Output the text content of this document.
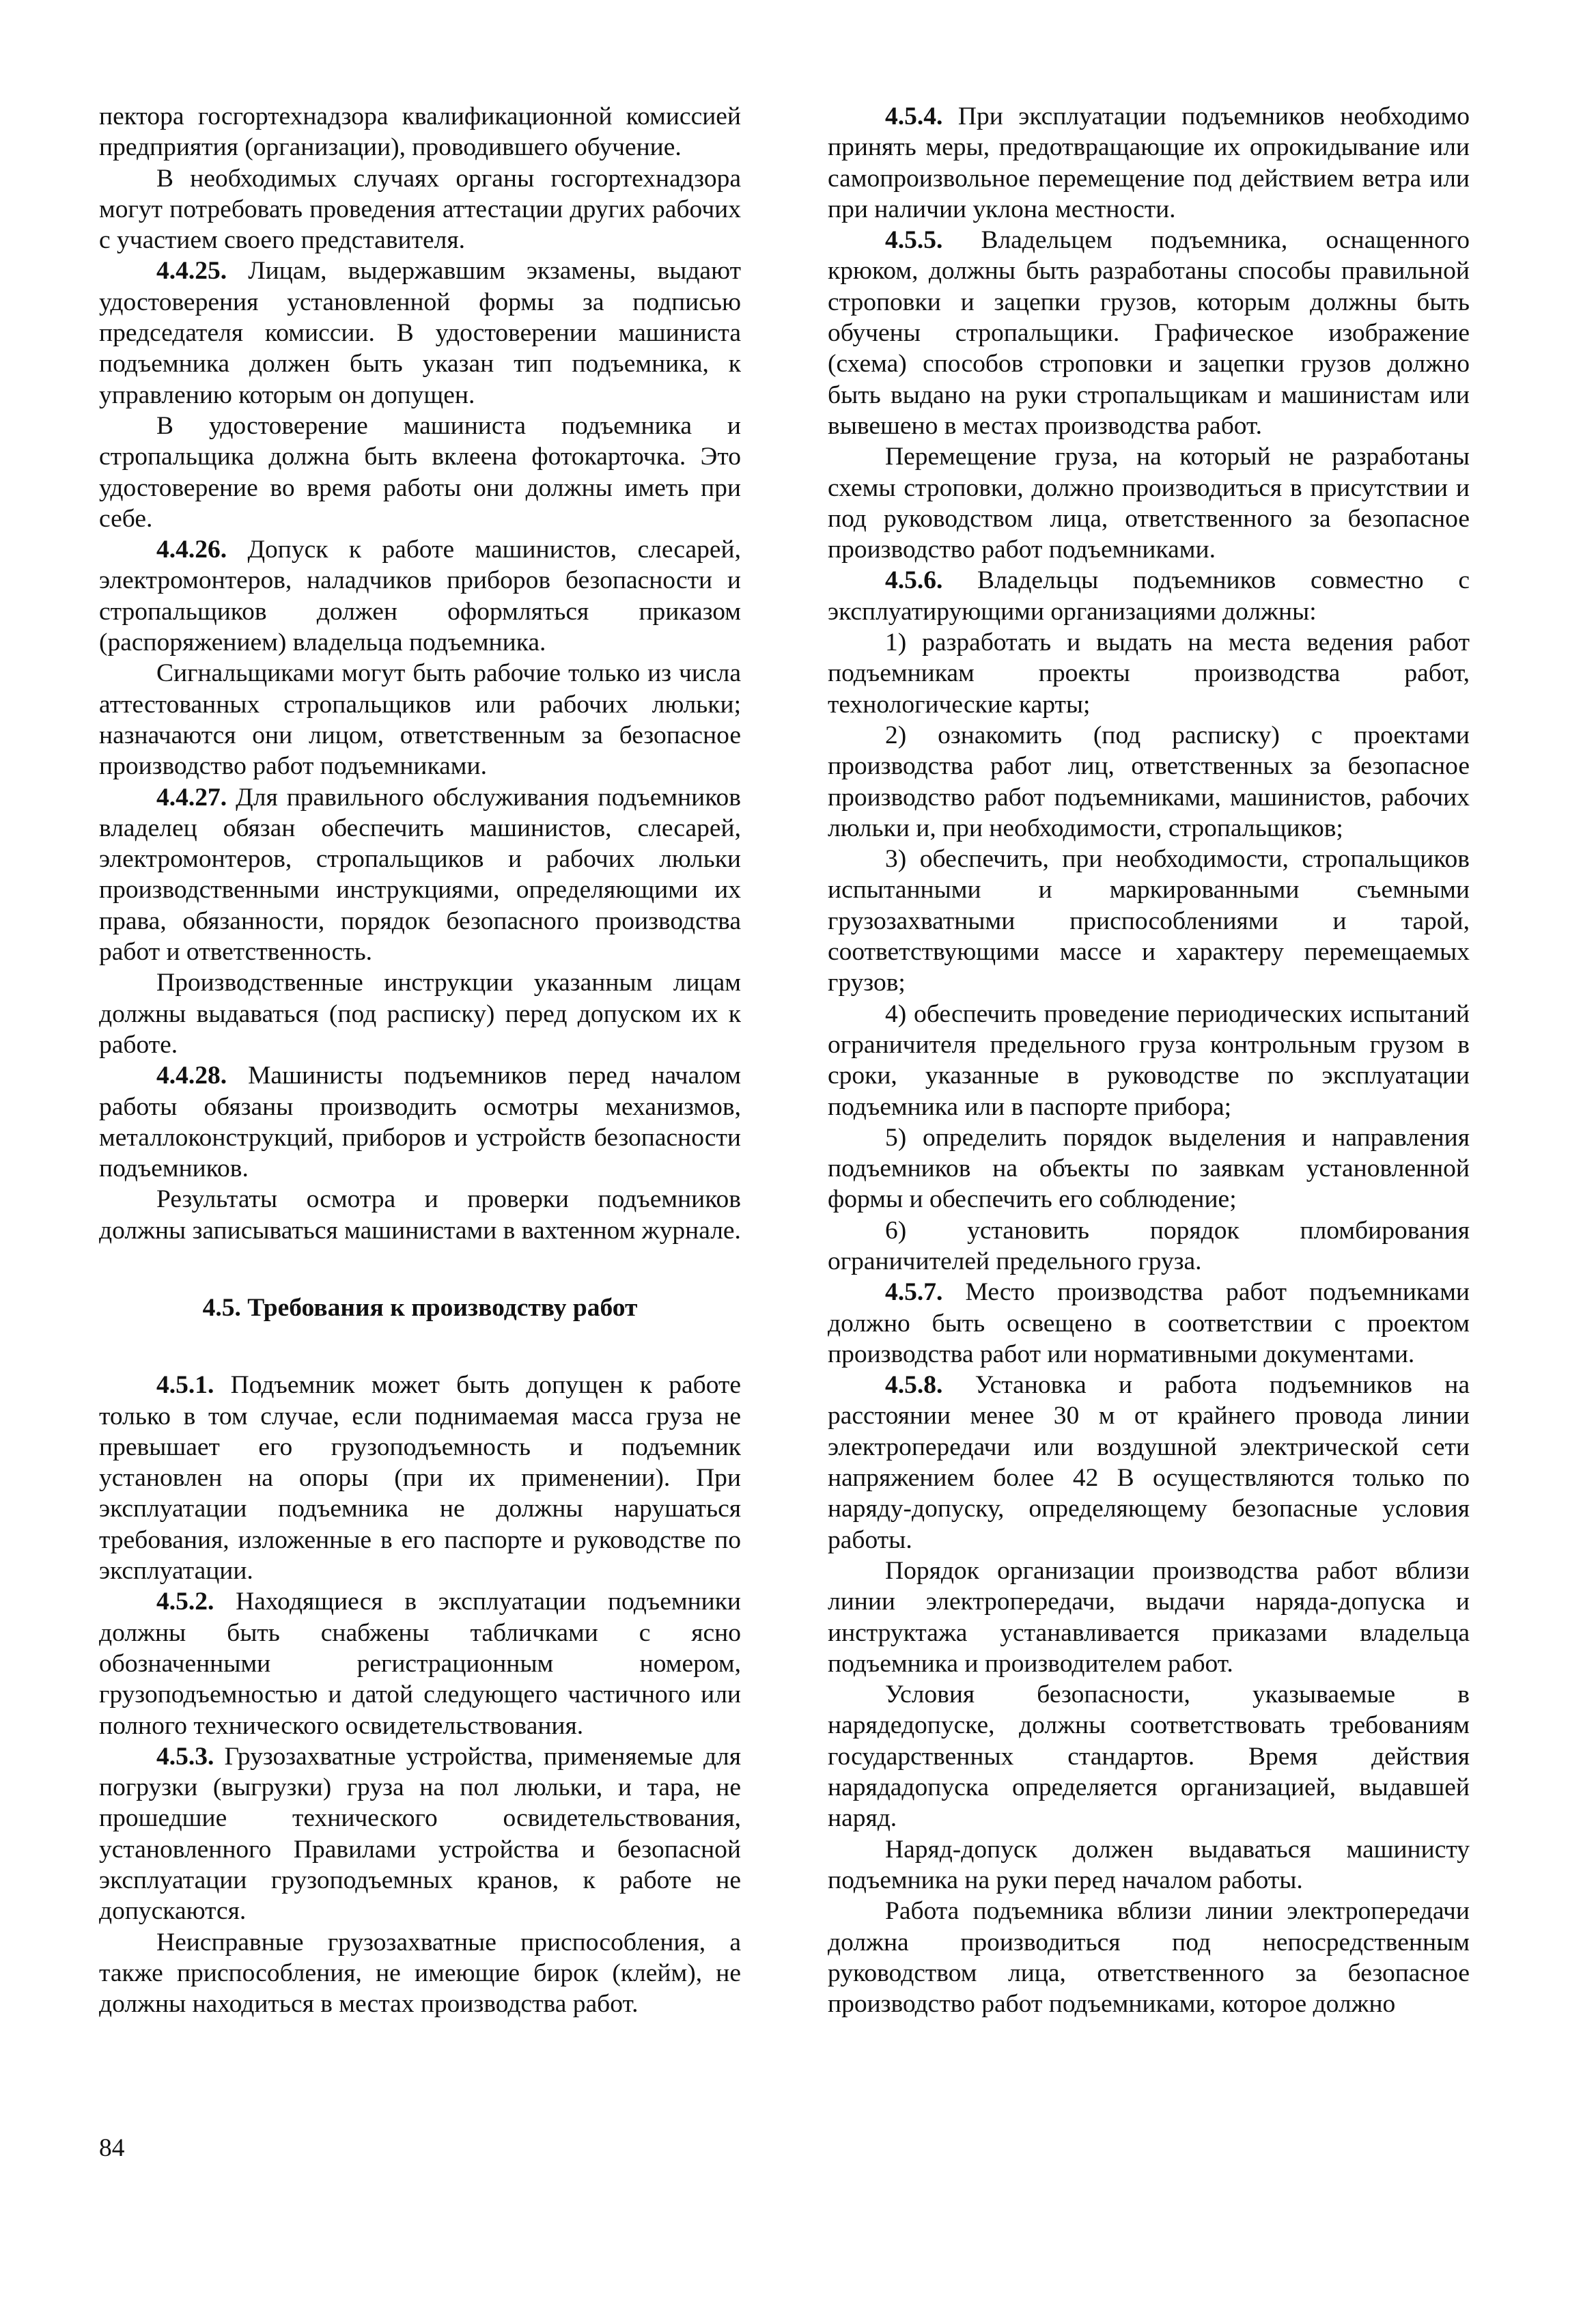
пектора госгортехнадзора квалификационной комиссией предприятия (организации), проводившего обучение.

В необходимых случаях органы госгортехнадзора могут потребовать проведения аттестации других рабочих с участием своего представителя.

4.4.25. Лицам, выдержавшим экзамены, выдают удостоверения установленной формы за подписью председателя комиссии. В удостоверении машиниста подъемника должен быть указан тип подъемника, к управлению которым он допущен.

В удостоверение машиниста подъемника и стропальщика должна быть вклеена фотокарточка. Это удостоверение во время работы они должны иметь при себе.

4.4.26. Допуск к работе машинистов, слесарей, электромонтеров, наладчиков приборов безопасности и стропальщиков должен оформляться приказом (распоряжением) владельца подъемника.

Сигнальщиками могут быть рабочие только из числа аттестованных стропальщиков или рабочих люльки; назначаются они лицом, ответственным за безопасное производство работ подъемниками.

4.4.27. Для правильного обслуживания подъемников владелец обязан обеспечить машинистов, слесарей, электромонтеров, стропальщиков и рабочих люльки производственными инструкциями, определяющими их права, обязанности, порядок безопасного производства работ и ответственность.

Производственные инструкции указанным лицам должны выдаваться (под расписку) перед допуском их к работе.

4.4.28. Машинисты подъемников перед началом работы обязаны производить осмотры механизмов, металлоконструкций, приборов и устройств безопасности подъемников.

Результаты осмотра и проверки подъемников должны записываться машинистами в вахтенном журнале.

4.5. Требования к производству работ

4.5.1. Подъемник может быть допущен к работе только в том случае, если поднимаемая масса груза не превышает его грузоподъемность и подъемник установлен на опоры (при их применении). При эксплуатации подъемника не должны нарушаться требования, изложенные в его паспорте и руководстве по эксплуатации.

4.5.2. Находящиеся в эксплуатации подъемники должны быть снабжены табличками с ясно обозначенными регистрационным номером, грузоподъемностью и датой следующего частичного или полного технического освидетельствования.

4.5.3. Грузозахватные устройства, применяемые для погрузки (выгрузки) груза на пол люльки, и тара, не прошедшие технического освидетельствования, установленного Правилами устройства и безопасной эксплуатации грузоподъемных кранов, к работе не допускаются.

Неисправные грузозахватные приспособления, а также приспособления, не имеющие бирок (клейм), не должны находиться в местах производства работ.

4.5.4. При эксплуатации подъемников необходимо принять меры, предотвращающие их опрокидывание или самопроизвольное перемещение под действием ветра или при наличии уклона местности.

4.5.5. Владельцем подъемника, оснащенного крюком, должны быть разработаны способы правильной строповки и зацепки грузов, которым должны быть обучены стропальщики. Графическое изображение (схема) способов строповки и зацепки грузов должно быть выдано на руки стропальщикам и машинистам или вывешено в местах производства работ.

Перемещение груза, на который не разработаны схемы строповки, должно производиться в присутствии и под руководством лица, ответственного за безопасное производство работ подъемниками.

4.5.6. Владельцы подъемников совместно с эксплуатирующими организациями должны:

1) разработать и выдать на места ведения работ подъемникам проекты производства работ, технологические карты;

2) ознакомить (под расписку) с проектами производства работ лиц, ответственных за безопасное производство работ подъемниками, машинистов, рабочих люльки и, при необходимости, стропальщиков;

3) обеспечить, при необходимости, стропальщиков испытанными и маркированными съемными грузозахватными приспособлениями и тарой, соответствующими массе и характеру перемещаемых грузов;

4) обеспечить проведение периодических испытаний ограничителя предельного груза контрольным грузом в сроки, указанные в руководстве по эксплуатации подъемника или в паспорте прибора;

5) определить порядок выделения и направления подъемников на объекты по заявкам установленной формы и обеспечить его соблюдение;

6) установить порядок пломбирования ограничителей предельного груза.

4.5.7. Место производства работ подъемниками должно быть освещено в соответствии с проектом производства работ или нормативными документами.

4.5.8. Установка и работа подъемников на расстоянии менее 30 м от крайнего провода линии электропередачи или воздушной электрической сети напряжением более 42 В осуществляются только по наряду-допуску, определяющему безопасные условия работы.

Порядок организации производства работ вблизи линии электропередачи, выдачи наряда-допуска и инструктажа устанавливается приказами владельца подъемника и производителем работ.

Условия безопасности, указываемые в нарядедопуске, должны соответствовать требованиям государственных стандартов. Время действия нарядадопуска определяется организацией, выдавшей наряд.

Наряд-допуск должен выдаваться машинисту подъемника на руки перед началом работы.

Работа подъемника вблизи линии электропередачи должна производиться под непосредственным руководством лица, ответственного за безопасное производство работ подъемниками, которое должно

84
